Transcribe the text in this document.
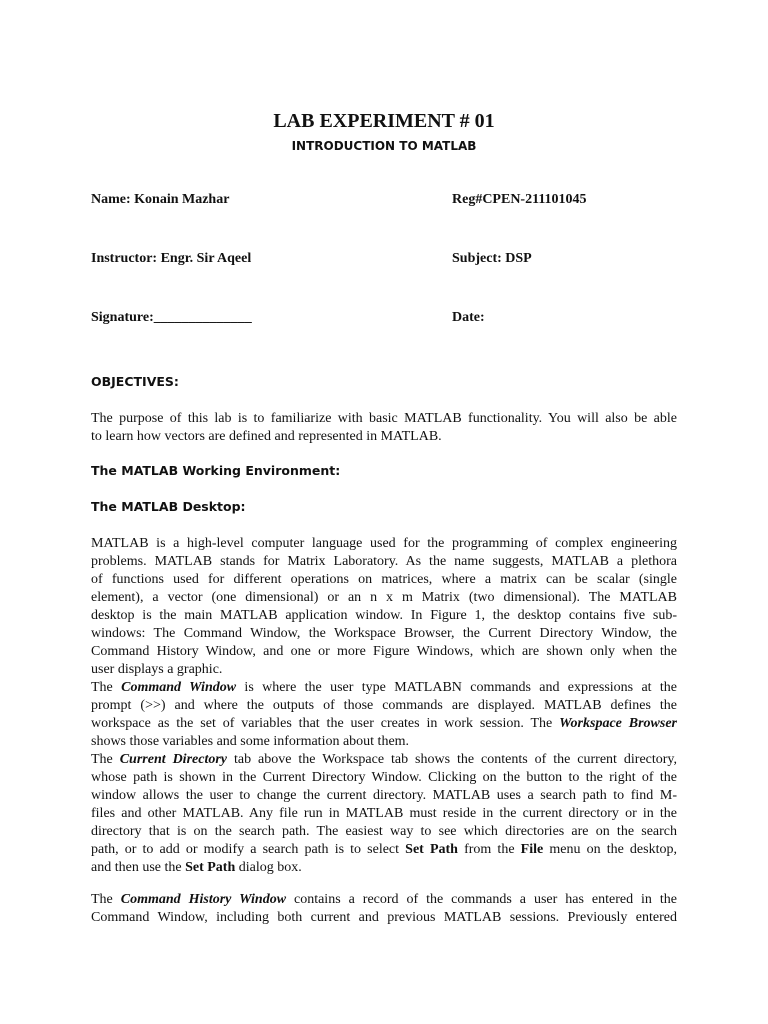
LAB EXPERIMENT # 01
INTRODUCTION TO MATLAB
Name: Konain Mazhar	Reg#CPEN-211101045
Instructor: Engr. Sir Aqeel	Subject: DSP
Signature:______________	Date:
OBJECTIVES:
The purpose of this lab is to familiarize with basic MATLAB functionality. You will also be able
to learn how vectors are defined and represented in MATLAB.
The MATLAB Working Environment:
The MATLAB Desktop:
MATLAB is a high-level computer language used for the programming of complex engineering
problems. MATLAB stands for Matrix Laboratory. As the name suggests, MATLAB a plethora
of functions used for different operations on matrices, where a matrix can be scalar (single
element), a vector (one dimensional) or an n x m Matrix (two dimensional). The MATLAB
desktop is the main MATLAB application window. In Figure 1, the desktop contains five sub-
windows: The Command Window, the Workspace Browser, the Current Directory Window, the
Command History Window, and one or more Figure Windows, which are shown only when the
user displays a graphic.
The Command Window is where the user type MATLABN commands and expressions at the
prompt (>>) and where the outputs of those commands are displayed. MATLAB defines the
workspace as the set of variables that the user creates in work session. The Workspace Browser
shows those variables and some information about them.
The Current Directory tab above the Workspace tab shows the contents of the current directory,
whose path is shown in the Current Directory Window. Clicking on the button to the right of the
window allows the user to change the current directory. MATLAB uses a search path to find M-
files and other MATLAB. Any file run in MATLAB must reside in the current directory or in the
directory that is on the search path. The easiest way to see which directories are on the search
path, or to add or modify a search path is to select Set Path from the File menu on the desktop,
and then use the Set Path dialog box.
The Command History Window contains a record of the commands a user has entered in the
Command Window, including both current and previous MATLAB sessions. Previously entered
